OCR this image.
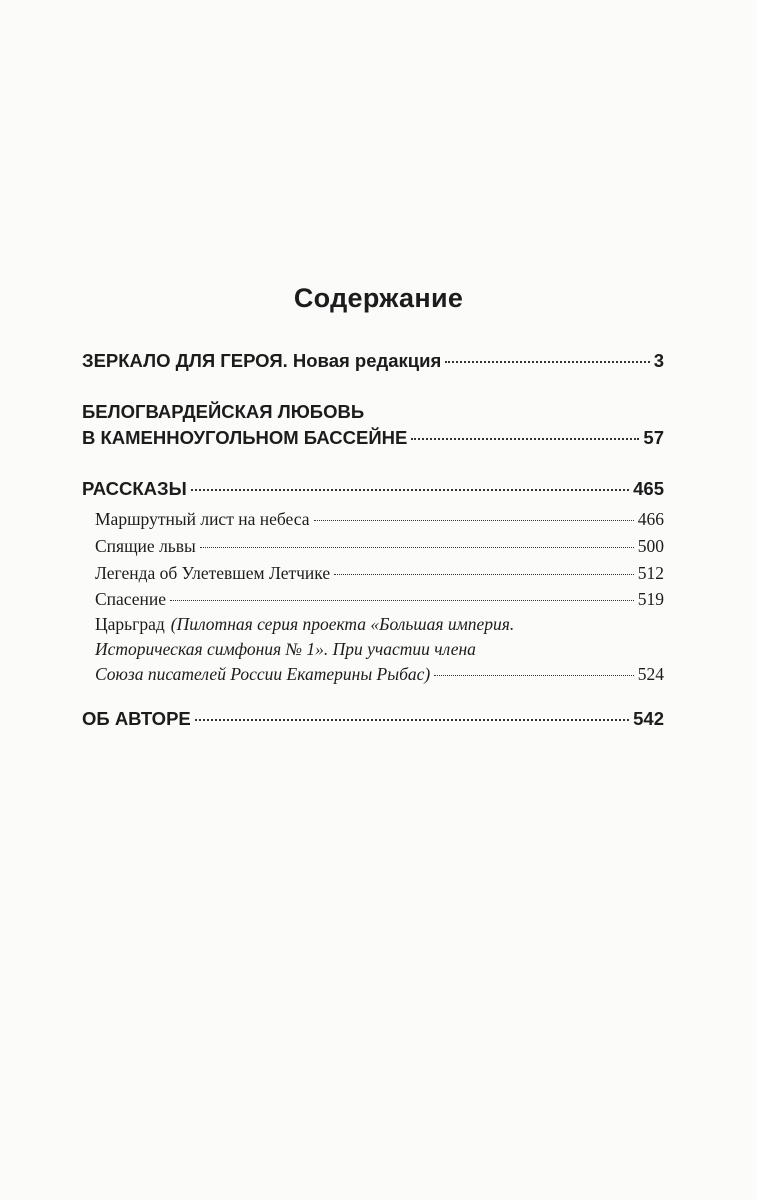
Содержание
ЗЕРКАЛО ДЛЯ ГЕРОЯ. Новая редакция	3
БЕЛОГВАРДЕЙСКАЯ ЛЮБОВЬ
В КАМЕННОУГОЛЬНОМ БАССЕЙНЕ	57
РАССКАЗЫ	465
Маршрутный лист на небеса	466
Спящие львы	500
Легенда об Улетевшем Летчике	512
Спасение	519
Царьград (Пилотная серия проекта «Большая империя.
Историческая симфония № 1». При участии члена
Союза писателей России Екатерины Рыбас)	524
ОБ АВТОРЕ	542
